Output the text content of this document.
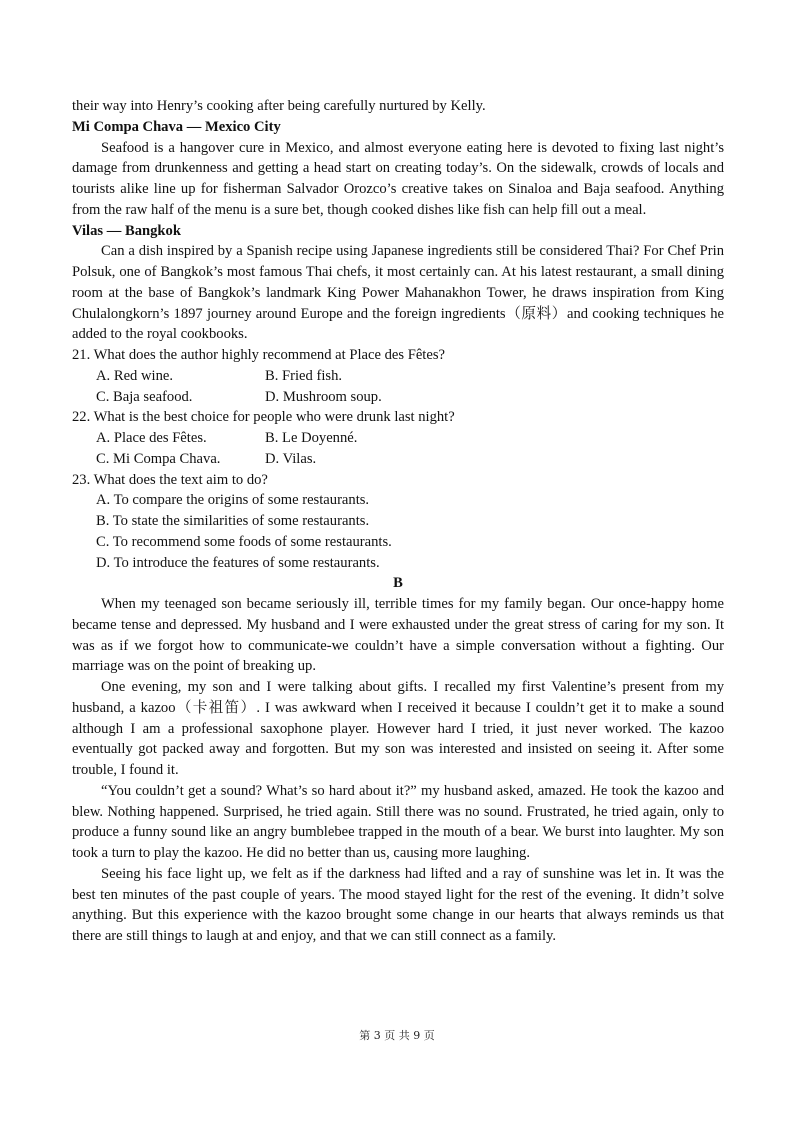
their way into Henry’s cooking after being carefully nurtured by Kelly.

Mi Compa Chava — Mexico City

Seafood is a hangover cure in Mexico, and almost everyone eating here is devoted to fixing last night’s damage from drunkenness and getting a head start on creating today’s. On the sidewalk, crowds of locals and tourists alike line up for fisherman Salvador Orozco’s creative takes on Sinaloa and Baja seafood. Anything from the raw half of the menu is a sure bet, though cooked dishes like fish can help fill out a meal.

Vilas — Bangkok

Can a dish inspired by a Spanish recipe using Japanese ingredients still be considered Thai? For Chef Prin Polsuk, one of Bangkok’s most famous Thai chefs, it most certainly can. At his latest restaurant, a small dining room at the base of Bangkok’s landmark King Power Mahanakhon Tower, he draws inspiration from King Chulalongkorn’s 1897 journey around Europe and the foreign ingredients（原料）and cooking techniques he added to the royal cookbooks.

21. What does the author highly recommend at Place des Fêtes?

A. Red wine.	B. Fried fish.
C. Baja seafood.	D. Mushroom soup.

22. What is the best choice for people who were drunk last night?

A. Place des Fêtes.	B. Le Doyenné.
C. Mi Compa Chava.	D. Vilas.

23. What does the text aim to do?

A. To compare the origins of some restaurants.

B. To state the similarities of some restaurants.

C. To recommend some foods of some restaurants.

D. To introduce the features of some restaurants.

B

When my teenaged son became seriously ill, terrible times for my family began. Our once-happy home became tense and depressed. My husband and I were exhausted under the great stress of caring for my son. It was as if we forgot how to communicate-we couldn’t have a simple conversation without a fighting. Our marriage was on the point of breaking up.

One evening, my son and I were talking about gifts. I recalled my first Valentine’s present from my husband, a kazoo（卡祖笛）. I was awkward when I received it because I couldn’t get it to make a sound although I am a professional saxophone player. However hard I tried, it just never worked. The kazoo eventually got packed away and forgotten. But my son was interested and insisted on seeing it. After some trouble, I found it.

“You couldn’t get a sound? What’s so hard about it?” my husband asked, amazed. He took the kazoo and blew. Nothing happened. Surprised, he tried again. Still there was no sound. Frustrated, he tried again, only to produce a funny sound like an angry bumblebee trapped in the mouth of a bear. We burst into laughter. My son took a turn to play the kazoo. He did no better than us, causing more laughing.

Seeing his face light up, we felt as if the darkness had lifted and a ray of sunshine was let in. It was the best ten minutes of the past couple of years. The mood stayed light for the rest of the evening. It didn’t solve anything. But this experience with the kazoo brought some change in our hearts that always reminds us that there are still things to laugh at and enjoy, and that we can still connect as a family.

第 3 页 共 9 页
